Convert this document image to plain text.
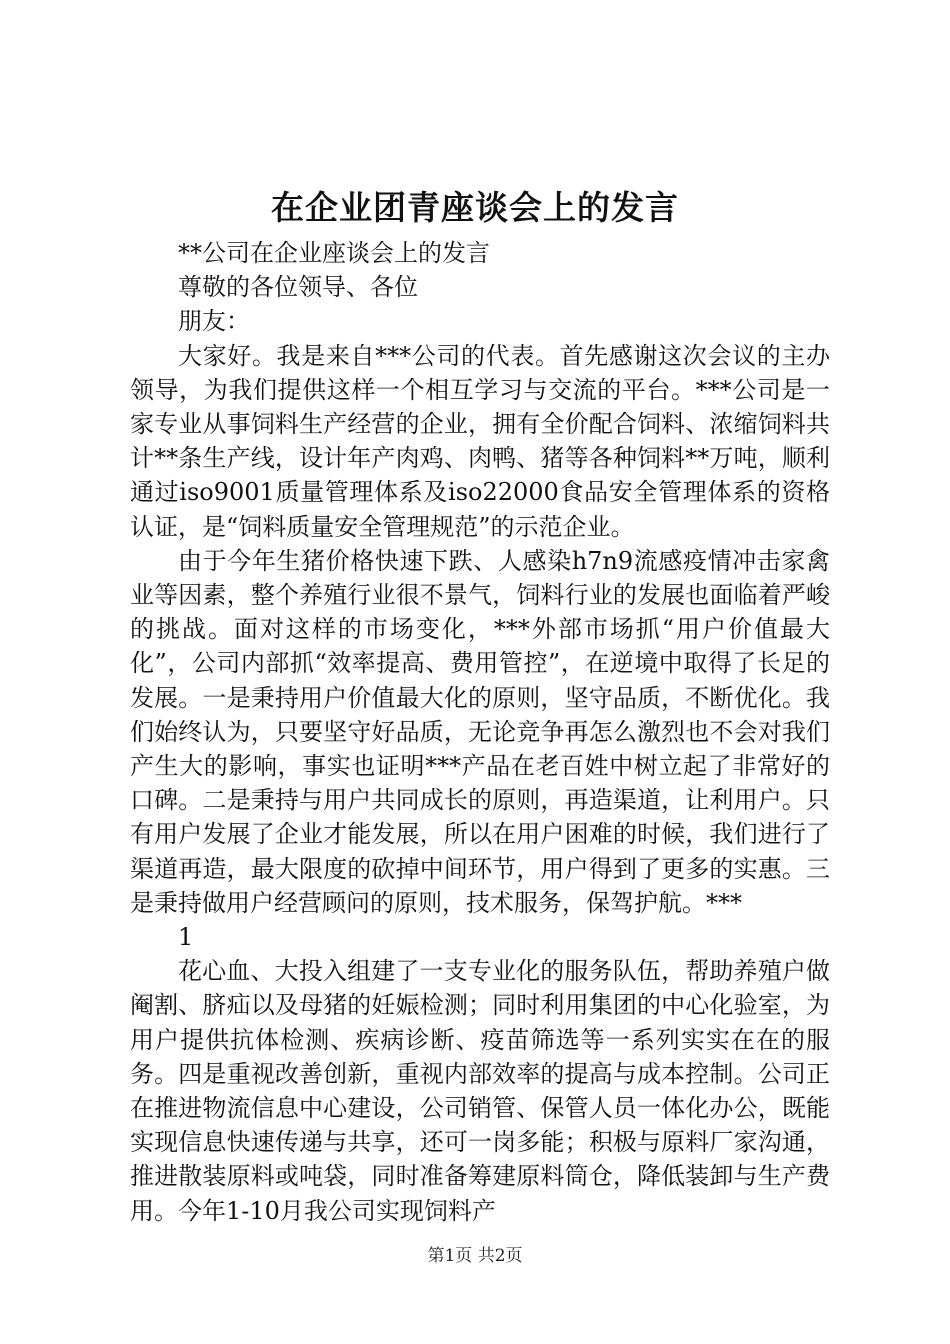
在企业团青座谈会上的发言

**公司在企业座谈会上的发言

尊敬的各位领导、各位

朋友：

大家好。我是来自***公司的代表。首先感谢这次会议的主办领导，为我们提供这样一个相互学习与交流的平台。***公司是一家专业从事饲料生产经营的企业，拥有全价配合饲料、浓缩饲料共计**条生产线，设计年产肉鸡、肉鸭、猪等各种饲料**万吨，顺利通过iso9001质量管理体系及iso22000食品安全管理体系的资格认证，是“饲料质量安全管理规范”的示范企业。

由于今年生猪价格快速下跌、人感染h7n9流感疫情冲击家禽业等因素，整个养殖行业很不景气，饲料行业的发展也面临着严峻的挑战。面对这样的市场变化，***外部市场抓“用户价值最大化”，公司内部抓“效率提高、费用管控”，在逆境中取得了长足的发展。一是秉持用户价值最大化的原则，坚守品质，不断优化。我们始终认为，只要坚守好品质，无论竞争再怎么激烈也不会对我们产生大的影响，事实也证明***产品在老百姓中树立起了非常好的口碑。二是秉持与用户共同成长的原则，再造渠道，让利用户。只有用户发展了企业才能发展，所以在用户困难的时候，我们进行了渠道再造，最大限度的砍掉中间环节，用户得到了更多的实惠。三是秉持做用户经营顾问的原则，技术服务，保驾护航。***

1

花心血、大投入组建了一支专业化的服务队伍，帮助养殖户做阉割、脐疝以及母猪的妊娠检测；同时利用集团的中心化验室，为用户提供抗体检测、疾病诊断、疫苗筛选等一系列实实在在的服务。四是重视改善创新，重视内部效率的提高与成本控制。公司正在推进物流信息中心建设，公司销管、保管人员一体化办公，既能实现信息快速传递与共享，还可一岗多能；积极与原料厂家沟通，推进散装原料或吨袋，同时准备筹建原料筒仓，降低装卸与生产费用。今年1-10月我公司实现饲料产

第1页 共2页
